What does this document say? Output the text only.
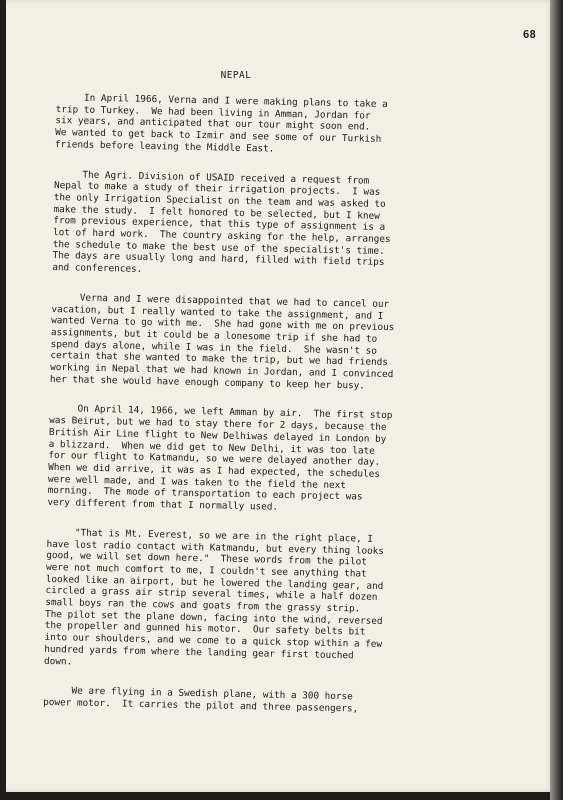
68
NEPAL

In April 1966, Verna and I were making plans to take a
trip to Turkey.  We had been living in Amman, Jordan for
six years, and anticipated that our tour might soon end.
We wanted to get back to Izmir and see some of our Turkish
friends before leaving the Middle East.

The Agri. Division of USAID received a request from
Nepal to make a study of their irrigation projects.  I was
the only Irrigation Specialist on the team and was asked to
make the study.  I felt honored to be selected, but I knew
from previous experience, that this type of assignment is a
lot of hard work.  The country asking for the help, arranges
the schedule to make the best use of the specialist's time.
The days are usually long and hard, filled with field trips
and conferences.

Verna and I were disappointed that we had to cancel our
vacation, but I really wanted to take the assignment, and I
wanted Verna to go with me.  She had gone with me on previous
assignments, but it could be a lonesome trip if she had to
spend days alone, while I was in the field.  She wasn't so
certain that she wanted to make the trip, but we had friends
working in Nepal that we had known in Jordan, and I convinced
her that she would have enough company to keep her busy.

On April 14, 1966, we left Amman by air.  The first stop
was Beirut, but we had to stay there for 2 days, because the
British Air Line flight to New Delhiwas delayed in London by
a blizzard.  When we did get to New Delhi, it was too late
for our flight to Katmandu, so we were delayed another day.
When we did arrive, it was as I had expected, the schedules
were well made, and I was taken to the field the next
morning.  The mode of transportation to each project was
very different from that I normally used.

"That is Mt. Everest, so we are in the right place, I
have lost radio contact with Katmandu, but every thing looks
good, we will set down here."  These words from the pilot
were not much comfort to me, I couldn't see anything that
looked like an airport, but he lowered the landing gear, and
circled a grass air strip several times, while a half dozen
small boys ran the cows and goats from the grassy strip.
The pilot set the plane down, facing into the wind, reversed
the propeller and gunned his motor.  Our safety belts bit
into our shoulders, and we come to a quick stop within a few
hundred yards from where the landing gear first touched
down.

We are flying in a Swedish plane, with a 300 horse
power motor.  It carries the pilot and three passengers,
